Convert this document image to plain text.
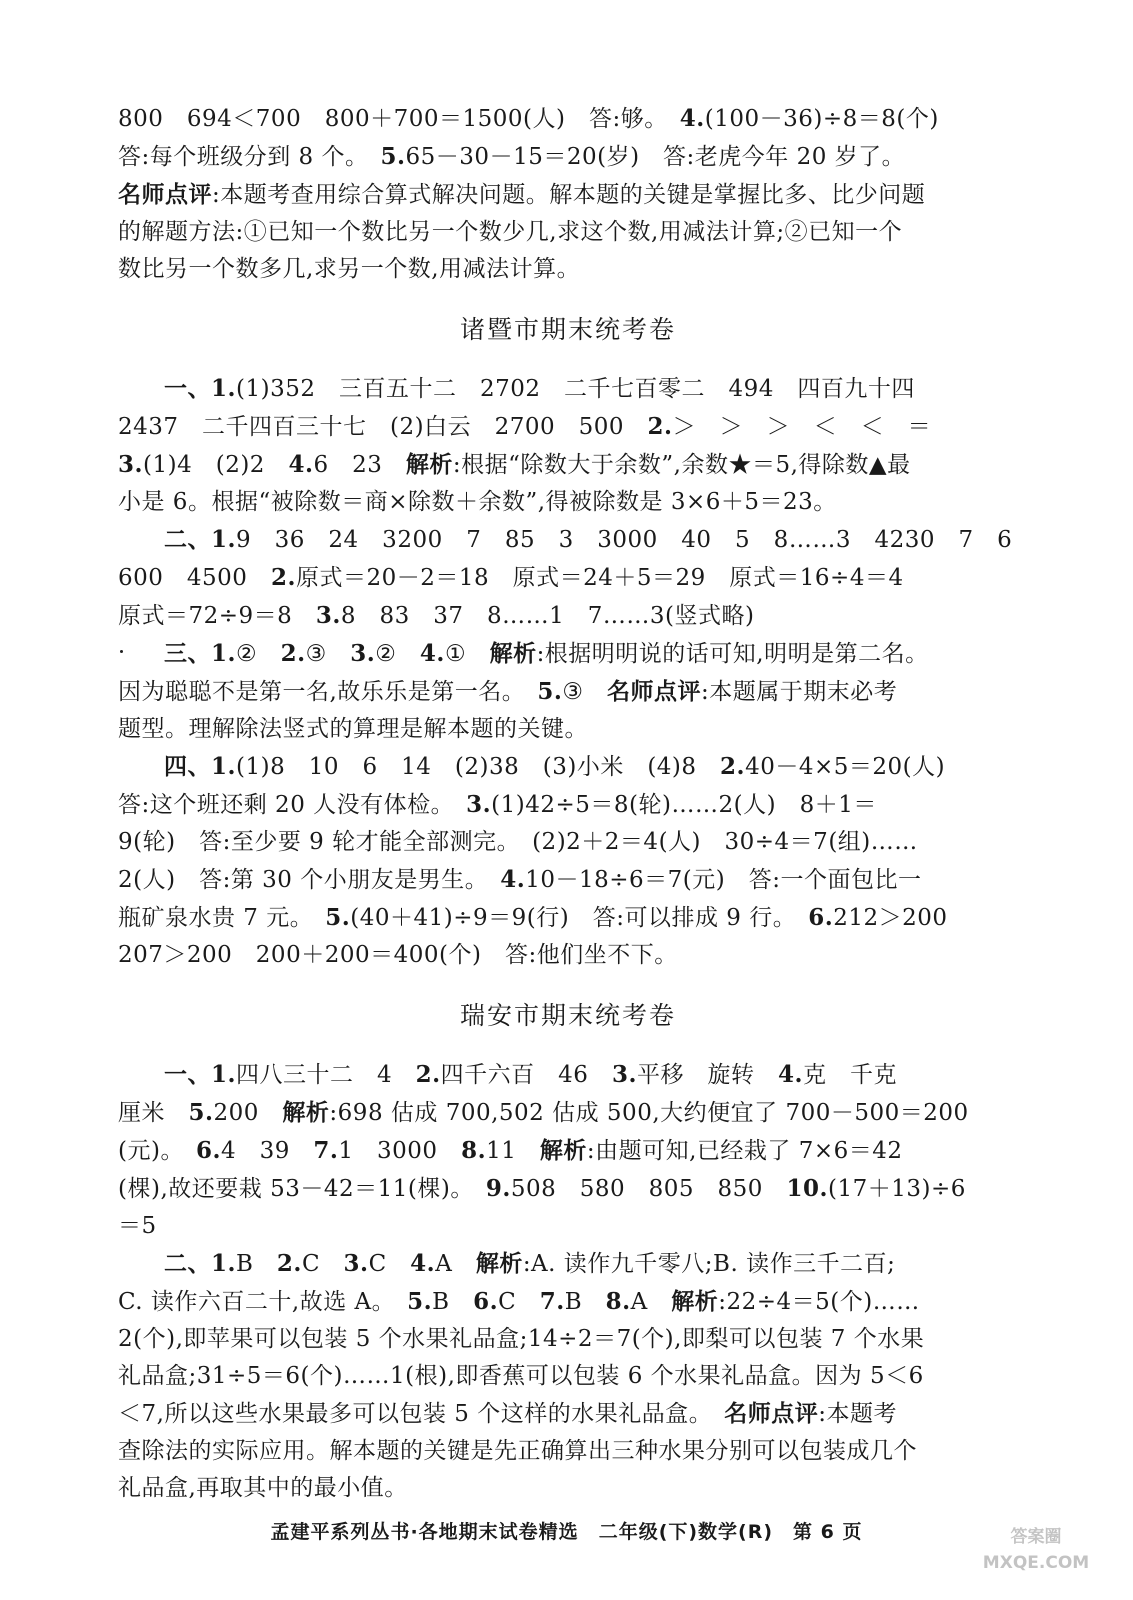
800　694＜700　800＋700＝1500(人)　答:够。　4.(100－36)÷8＝8(个)
答:每个班级分到 8 个。　5.65－30－15＝20(岁)　答:老虎今年 20 岁了。
名师点评:本题考查用综合算式解决问题。解本题的关键是掌握比多、比少问题
的解题方法:①已知一个数比另一个数少几,求这个数,用减法计算;②已知一个
数比另一个数多几,求另一个数,用减法计算。
诸暨市期末统考卷
一、1.(1)352　三百五十二　2702　二千七百零二　494　四百九十四
2437　二千四百三十七　(2)白云　2700　500　2.＞　＞　＞　＜　＜　＝
3.(1)4　(2)2　4.6　23　解析:根据“除数大于余数”,余数★＝5,得除数▲最
小是 6。根据“被除数＝商×除数＋余数”,得被除数是 3×6＋5＝23。
二、1.9　36　24　3200　7　85　3　3000　40　5　8……3　4230　7　6
600　4500　2.原式＝20－2＝18　原式＝24＋5＝29　原式＝16÷4＝4
原式＝72÷9＝8　3.8　83　37　8……1　7……3(竖式略)
三、1.②　2.③　3.②　4.①　解析:根据明明说的话可知,明明是第二名。
因为聪聪不是第一名,故乐乐是第一名。　5.③　名师点评:本题属于期末必考
题型。理解除法竖式的算理是解本题的关键。
四、1.(1)8　10　6　14　(2)38　(3)小米　(4)8　2.40－4×5＝20(人)
答:这个班还剩 20 人没有体检。　3.(1)42÷5＝8(轮)……2(人)　8＋1＝
9(轮)　答:至少要 9 轮才能全部测完。　(2)2＋2＝4(人)　30÷4＝7(组)……
2(人)　答:第 30 个小朋友是男生。　4.10－18÷6＝7(元)　答:一个面包比一
瓶矿泉水贵 7 元。　5.(40＋41)÷9＝9(行)　答:可以排成 9 行。　6.212＞200
207＞200　200＋200＝400(个)　答:他们坐不下。
瑞安市期末统考卷
一、1.四八三十二　4　2.四千六百　46　3.平移　旋转　4.克　千克
厘米　5.200　解析:698 估成 700,502 估成 500,大约便宜了 700－500＝200
(元)。　6.4　39　7.1　3000　8.11　解析:由题可知,已经栽了 7×6＝42
(棵),故还要栽 53－42＝11(棵)。　9.508　580　805　850　10.(17＋13)÷6
＝5
二、1.B　2.C　3.C　4.A　解析:A. 读作九千零八;B. 读作三千二百;
C. 读作六百二十,故选 A。　5.B　6.C　7.B　8.A　解析:22÷4＝5(个)……
2(个),即苹果可以包装 5 个水果礼品盒;14÷2＝7(个),即梨可以包装 7 个水果
礼品盒;31÷5＝6(个)……1(根),即香蕉可以包装 6 个水果礼品盒。因为 5＜6
＜7,所以这些水果最多可以包装 5 个这样的水果礼品盒。　名师点评:本题考
查除法的实际应用。解本题的关键是先正确算出三种水果分别可以包装成几个
礼品盒,再取其中的最小值。
孟建平系列丛书·各地期末试卷精选　二年级(下)数学(R)　第 6 页	答案圈
MXQE.COM
